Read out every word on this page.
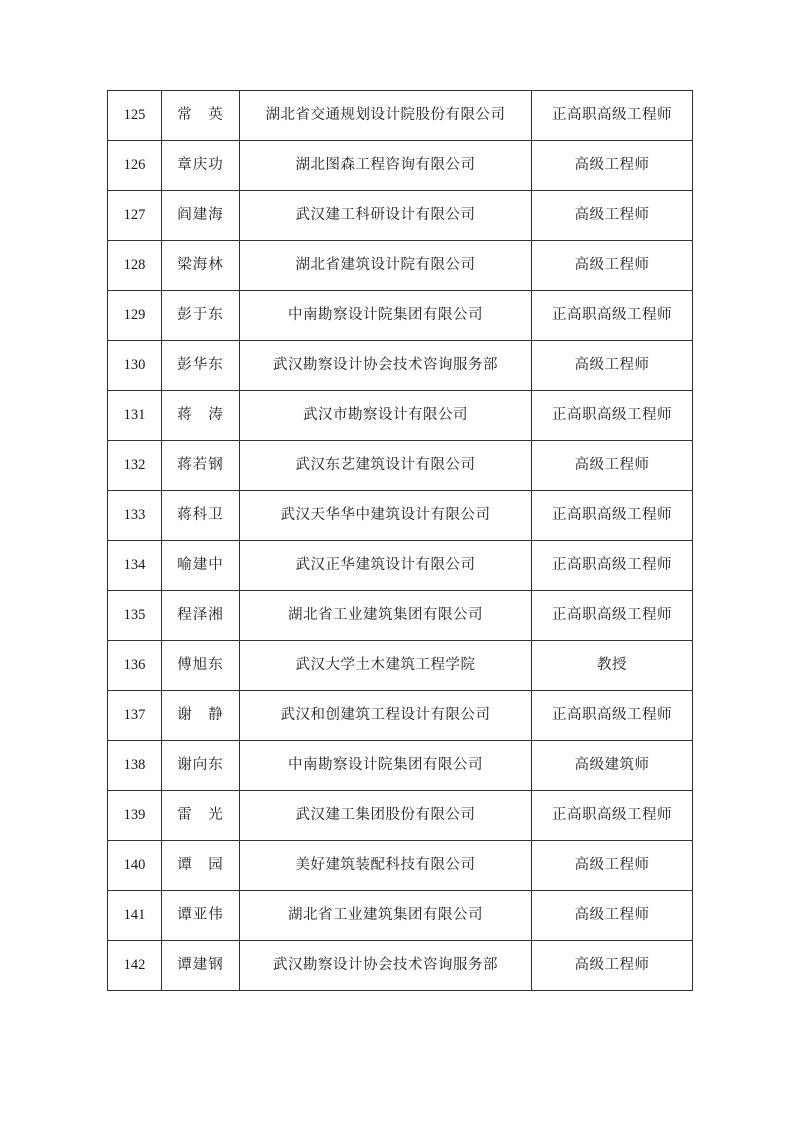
125	常　英	湖北省交通规划设计院股份有限公司	正高职高级工程师
126	章庆功	湖北图森工程咨询有限公司	高级工程师
127	阎建海	武汉建工科研设计有限公司	高级工程师
128	梁海林	湖北省建筑设计院有限公司	高级工程师
129	彭于东	中南勘察设计院集团有限公司	正高职高级工程师
130	彭华东	武汉勘察设计协会技术咨询服务部	高级工程师
131	蒋　涛	武汉市勘察设计有限公司	正高职高级工程师
132	蒋若钢	武汉东艺建筑设计有限公司	高级工程师
133	蒋科卫	武汉天华华中建筑设计有限公司	正高职高级工程师
134	喻建中	武汉正华建筑设计有限公司	正高职高级工程师
135	程泽湘	湖北省工业建筑集团有限公司	正高职高级工程师
136	傅旭东	武汉大学土木建筑工程学院	教授
137	谢　静	武汉和创建筑工程设计有限公司	正高职高级工程师
138	谢向东	中南勘察设计院集团有限公司	高级建筑师
139	雷　光	武汉建工集团股份有限公司	正高职高级工程师
140	谭　园	美好建筑装配科技有限公司	高级工程师
141	谭亚伟	湖北省工业建筑集团有限公司	高级工程师
142	谭建钢	武汉勘察设计协会技术咨询服务部	高级工程师
